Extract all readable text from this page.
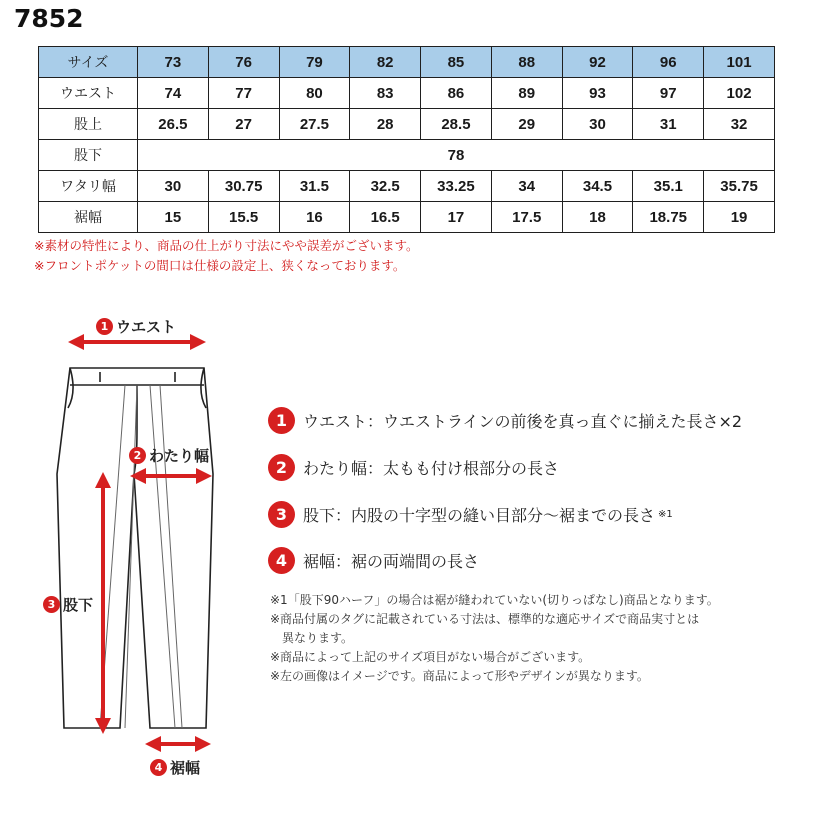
7852
サイズ	73	76	79	82	85	88	92	96	101
ウエスト	74	77	80	83	86	89	93	97	102
股上	26.5	27	27.5	28	28.5	29	30	31	32
股下	78								
ワタリ幅	30	30.75	31.5	32.5	33.25	34	34.5	35.1	35.75
裾幅	15	15.5	16	16.5	17	17.5	18	18.75	19
※素材の特性により、商品の仕上がり寸法にやや誤差がございます。
※フロントポケットの間口は仕様の設定上、狭くなっております。
1 ウエスト
2 わたり幅
3 股下
4 裾幅
1 ウエスト：ウエストラインの前後を真っ直ぐに揃えた長さ×2
2 わたり幅：太もも付け根部分の長さ
3 股下：内股の十字型の縫い目部分～裾までの長さ ※1
4 裾幅：裾の両端間の長さ
※1「股下90ハーフ」の場合は裾が縫われていない(切りっぱなし)商品となります。
※商品付属のタグに記載されている寸法は、標準的な適応サイズで商品実寸とは
異なります。
※商品によって上記のサイズ項目がない場合がございます。
※左の画像はイメージです。商品によって形やデザインが異なります。
